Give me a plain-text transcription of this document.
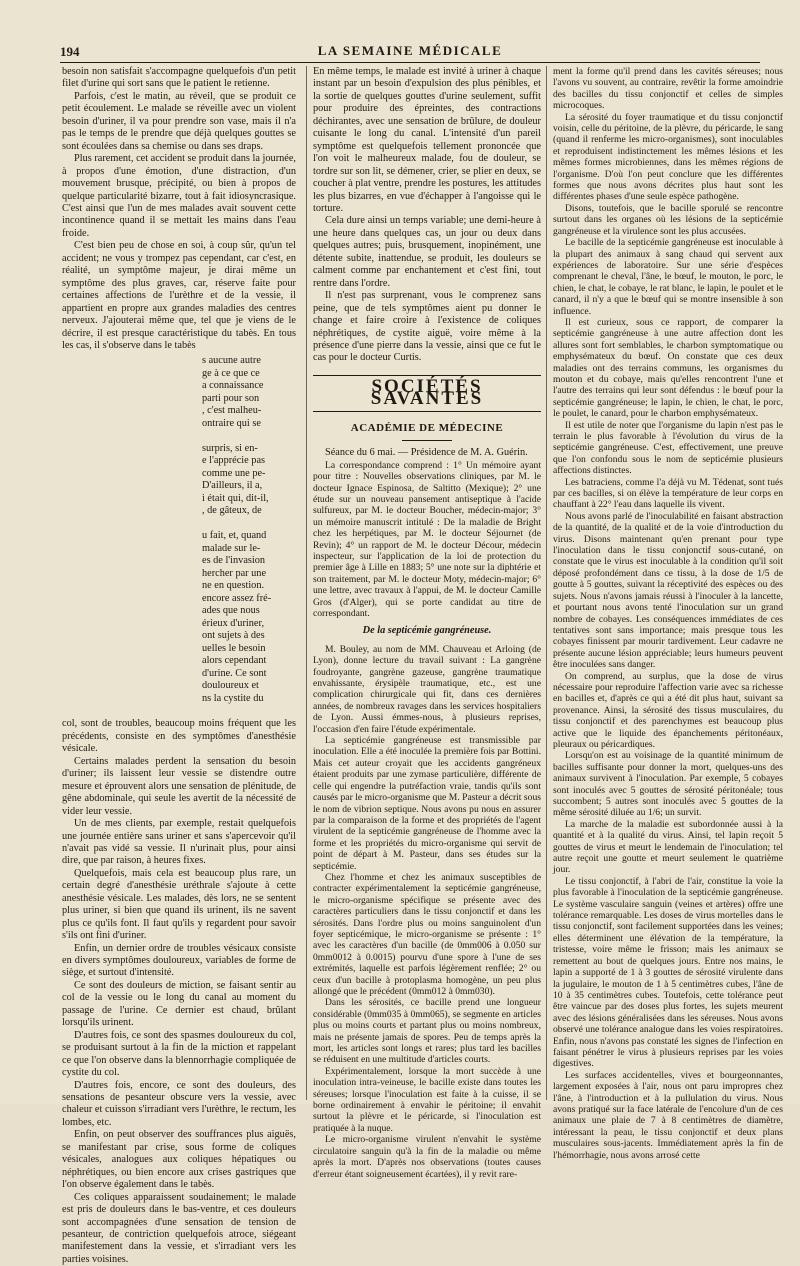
194	LA SEMAINE MÉDICALE

besoin non satisfait s'accompagne quelquefois d'un petit filet d'urine qui sort sans que le patient le retienne.

Parfois, c'est le matin, au réveil, que se produit ce petit écoulement. Le malade se réveille avec un violent besoin d'uriner, il va pour prendre son vase, mais il n'a pas le temps de le prendre que déjà quelques gouttes se sont écoulées dans sa chemise ou dans ses draps.

Plus rarement, cet accident se produit dans la journée, à propos d'une émotion, d'une distraction, d'un mouvement brusque, précipité, ou bien à propos de quelque particularité bizarre, tout à fait idiosyncrasique. C'est ainsi que l'un de mes malades avait souvent cette incontinence quand il se mettait les mains dans l'eau froide.

C'est bien peu de chose en soi, à coup sûr, qu'un tel accident; ne vous y trompez pas cependant, car c'est, en réalité, un symptôme majeur, je dirai même un symptôme des plus graves, car, réserve faite pour certaines affections de l'urèthre et de la vessie, il appartient en propre aux grandes maladies des centres nerveux. J'ajouterai même que, tel que je viens de le décrire, il est presque caractéristique du tabès. En tous les cas, il s'observe dans le tabès

s aucune autre
ge à ce que ce
a connaissance
parti pour son
, c'est malheu-
ontraire qui se

surpris, si en-
e l'apprécie pas
comme une pe-
D'ailleurs, il a,
i était qui, dit-il,
, de gâteux, de

u fait, et, quand
malade sur le-
es de l'invasion
hercher par une
ne en question.
encore assez fré-
ades que nous
érieux d'uriner,
ont sujets à des
uelles le besoin
alors cependant
d'urine. Ce sont
douloureux et
ns la cystite du

col, sont de troubles, beaucoup moins fréquent que les précédents, consiste en des symptômes d'anesthésie vésicale.

Certains malades perdent la sensation du besoin d'uriner; ils laissent leur vessie se distendre outre mesure et éprouvent alors une sensation de plénitude, de gêne abdominale, qui seule les avertit de la nécessité de vider leur vessie.

Un de mes clients, par exemple, restait quelquefois une journée entière sans uriner et sans s'apercevoir qu'il n'avait pas vidé sa vessie. Il n'urinait plus, pour ainsi dire, que par raison, à heures fixes.

Quelquefois, mais cela est beaucoup plus rare, un certain degré d'anesthésie uréthrale s'ajoute à cette anesthésie vésicale. Les malades, dès lors, ne se sentent plus uriner, si bien que quand ils urinent, ils ne savent plus ce qu'ils font. Il faut qu'ils y regardent pour savoir s'ils ont fini d'uriner.

Enfin, un dernier ordre de troubles vésicaux consiste en divers symptômes douloureux, variables de forme de siège, et surtout d'intensité.

Ce sont des douleurs de miction, se faisant sentir au col de la vessie ou le long du canal au moment du passage de l'urine. Ce dernier est chaud, brûlant lorsqu'ils urinent.

D'autres fois, ce sont des spasmes douloureux du col, se produisant surtout à la fin de la miction et rappelant ce que l'on observe dans la blennorrhagie compliquée de cystite du col.

D'autres fois, encore, ce sont des douleurs, des sensations de pesanteur obscure vers la vessie, avec chaleur et cuisson s'irradiant vers l'urèthre, le rectum, les lombes, etc.

Enfin, on peut observer des souffrances plus aiguës, se manifestant par crise, sous forme de coliques vésicales, analogues aux coliques hépatiques ou néphrétiques, ou bien encore aux crises gastriques que l'on observe également dans le tabès.

Ces coliques apparaissent soudainement; le malade est pris de douleurs dans le bas-ventre, et ces douleurs sont accompagnées d'une sensation de tension de pesanteur, de contriction quelquefois atroce, siégeant manifestement dans la vessie, et s'irradiant vers les parties voisines.

En même temps, le malade est invité à uriner à chaque instant par un besoin d'expulsion des plus pénibles, et la sortie de quelques gouttes d'urine seulement, suffit pour produire des épreintes, des contractions déchirantes, avec une sensation de brûlure, de douleur cuisante le long du canal. L'intensité d'un pareil symptôme est quelquefois tellement prononcée que l'on voit le malheureux malade, fou de douleur, se tordre sur son lit, se démener, crier, se plier en deux, se coucher à plat ventre, prendre les postures, les attitudes les plus bizarres, en vue d'échapper à l'angoisse qui le torture.

Cela dure ainsi un temps variable; une demi-heure à une heure dans quelques cas, un jour ou deux dans quelques autres; puis, brusquement, inopinément, une détente subite, inattendue, se produit, les douleurs se calment comme par enchantement et c'est fini, tout rentre dans l'ordre.

Il n'est pas surprenant, vous le comprenez sans peine, que de tels symptômes aient pu donner le change et faire croire à l'existence de coliques néphrétiques, de cystite aiguë, voire même à la présence d'une pierre dans la vessie, ainsi que ce fut le cas pour le docteur Curtis.

SOCIÉTÉS SAVANTES
ACADÉMIE DE MÉDECINE

Séance du 6 mai. — Présidence de M. A. Guérin.

La correspondance comprend : 1° Un mémoire ayant pour titre : Nouvelles observations cliniques, par M. le docteur Ignace Espinosa, de Saltitto (Mexique); 2° une étude sur un nouveau pansement antiseptique à l'acide sulfureux, par M. le docteur Boucher, médecin-major; 3° un mémoire manuscrit intitulé : De la maladie de Bright chez les herpétiques, par M. le docteur Séjournet (de Revin); 4° un rapport de M. le docteur Décour, médecin inspecteur, sur l'application de la loi de protection du premier âge à Lille en 1883; 5° une note sur la diphtérie et son traitement, par M. le docteur Moty, médecin-major; 6° une lettre, avec travaux à l'appui, de M. le docteur Camille Gros (d'Alger), qui se porte candidat au titre de correspondant.

De la septicémie gangréneuse.

M. Bouley, au nom de MM. Chauveau et Arloing (de Lyon), donne lecture du travail suivant : La gangrène foudroyante, gangrène gazeuse, gangrène traumatique envahissante, érysipèle traumatique, etc., est une complication chirurgicale qui fit, dans ces dernières années, de nombreux ravages dans les services hospitaliers de Lyon. Aussi émmes-nous, à plusieurs reprises, l'occasion d'en faire l'étude expérimentale.

La septicémie gangréneuse est transmissible par inoculation. Elle a été inoculée la première fois par Bottini. Mais cet auteur croyait que les accidents gangréneux étaient produits par une zymase particulière, différente de celle qui engendre la putréfaction vraie, tandis qu'ils sont causés par le micro-organisme que M. Pasteur a décrit sous le nom de vibrion septique. Nous avons pu nous en assurer par la comparaison de la forme et des propriétés de l'agent virulent de la septicémie gangréneuse de l'homme avec la forme et les propriétés du micro-organisme qui servit de point de départ à M. Pasteur, dans ses études sur la septicémie.

Chez l'homme et chez les animaux susceptibles de contracter expérimentalement la septicémie gangréneuse, le micro-organisme spécifique se présente avec des caractères particuliers dans le tissu conjonctif et dans les sérosités. Dans l'ordre plus ou moins sanguinolent d'un foyer septicémique, le micro-organisme se présente : 1° avec les caractères d'un bacille (de 0mm006 à 0.050 sur 0mm0012 à 0.0015) pourvu d'une spore à l'une de ses extrémités, laquelle est parfois légèrement renflée; 2° ou ceux d'un bacille à protoplasma homogène, un peu plus allongé que le précédent (0mm012 à 0mm030).

Dans les sérosités, ce bacille prend une longueur considérable (0mm035 à 0mm065), se segmente en articles plus ou moins courts et partant plus ou moins nombreux, mais ne présente jamais de spores. Peu de temps après la mort, les articles sont longs et rares; plus tard les bacilles se réduisent en une multitude d'articles courts.

Expérimentalement, lorsque la mort succède à une inoculation intra-veineuse, le bacille existe dans toutes les séreuses; lorsque l'inoculation est faite à la cuisse, il se borne ordinairement à envahir le péritoine; il envahit surtout la plèvre et le péricarde, si l'inoculation est pratiquée à la nuque.

Le micro-organisme virulent n'envahit le système circulatoire sanguin qu'à la fin de la maladie ou même après la mort. D'après nos observations (toutes causes d'erreur étant soigneusement écartées), il y revit rare-

ment la forme qu'il prend dans les cavités séreuses; nous l'avons vu souvent, au contraire, revêtir la forme amoindrie des bacilles du tissu conjonctif et celles de simples microcoques.

La sérosité du foyer traumatique et du tissu conjonctif voisin, celle du péritoine, de la plèvre, du péricarde, le sang (quand il renferme les micro-organismes), sont inoculables et reproduisent indistinctement les mêmes lésions et les mêmes formes microbiennes, dans les mêmes régions de l'organisme. D'où l'on peut conclure que les différentes formes que nous avons décrites plus haut sont les différentes phases d'une seule espèce pathogène.

Disons, toutefois, que le bacille sporulé se rencontre surtout dans les organes où les lésions de la septicémie gangréneuse et la virulence sont les plus accusées.

Le bacille de la septicémie gangréneuse est inoculable à la plupart des animaux à sang chaud qui servent aux expériences de laboratoire. Sur une série d'espèces comprenant le cheval, l'âne, le bœuf, le mouton, le porc, le chien, le chat, le cobaye, le rat blanc, le lapin, le poulet et le canard, il n'y a que le bœuf qui se montre insensible à son influence.

Il est curieux, sous ce rapport, de comparer la septicémie gangréneuse à une autre affection dont les allures sont fort semblables, le charbon symptomatique ou emphysémateux du bœuf. On constate que ces deux maladies ont des terrains communs, les organismes du mouton et du cobaye, mais qu'elles rencontrent l'une et l'autre des terrains qui leur sont défendus : le bœuf pour la septicémie gangréneuse; le lapin, le chien, le chat, le porc, le poulet, le canard, pour le charbon emphysémateux.

Il est utile de noter que l'organisme du lapin n'est pas le terrain le plus favorable à l'évolution du virus de la septicémie gangréneuse. C'est, effectivement, une preuve que l'on confondu sous le nom de septicémie plusieurs affections distinctes.

Les batraciens, comme l'a déjà vu M. Tédenat, sont tués par ces bacilles, si on élève la température de leur corps en chauffant à 22° l'eau dans laquelle ils vivent.

Nous avons parlé de l'inoculabilité en faisant abstraction de la quantité, de la qualité et de la voie d'introduction du virus. Disons maintenant qu'en prenant pour type l'inoculation dans le tissu conjonctif sous-cutané, on constate que le virus est inoculable à la condition qu'il soit déposé profondément dans ce tissu, à la dose de 1/5 de goutte à 5 gouttes, suivant la réceptivité des espèces ou des sujets. Nous n'avons jamais réussi à l'inoculer à la lancette, et pourtant nous avons tenté l'inoculation sur un grand nombre de cobayes. Les conséquences immédiates de ces tentatives sont sans importance; mais presque tous les cobayes finissent par mourir tardivement. Leur cadavre ne présente aucune lésion appréciable; leurs humeurs peuvent être inoculées sans danger.

On comprend, au surplus, que la dose de virus nécessaire pour reproduire l'affection varie avec sa richesse en bacilles et, d'après ce qui a été dit plus haut, suivant sa provenance. Ainsi, la sérosité des tissus musculaires, du tissu conjonctif et des parenchymes est beaucoup plus active que le liquide des épanchements péritonéaux, pleuraux ou péricardiques.

Lorsqu'on est au voisinage de la quantité minimum de bacilles suffisante pour donner la mort, quelques-uns des animaux survivent à l'inoculation. Par exemple, 5 cobayes sont inoculés avec 5 gouttes de sérosité péritonéale; tous succombent; 5 autres sont inoculés avec 5 gouttes de la même sérosité diluée au 1/6; un survit.

La marche de la maladie est subordonnée aussi à la quantité et à la qualité du virus. Ainsi, tel lapin reçoit 5 gouttes de virus et meurt le lendemain de l'inoculation; tel autre reçoit une goutte et meurt seulement le quatrième jour.

Le tissu conjonctif, à l'abri de l'air, constitue la voie la plus favorable à l'inoculation de la septicémie gangréneuse. Le système vasculaire sanguin (veines et artères) offre une tolérance remarquable. Les doses de virus mortelles dans le tissu conjonctif, sont facilement supportées dans les veines; elles déterminent une élévation de la température, la tristesse, voire même le frisson; mais les animaux se remettent au bout de quelques jours. Entre nos mains, le lapin a supporté de 1 à 3 gouttes de sérosité virulente dans la jugulaire, le mouton de 1 à 5 centimètres cubes, l'âne de 10 à 35 centimètres cubes. Toutefois, cette tolérance peut être vaincue par des doses plus fortes, les sujets meurent avec des lésions généralisées dans les séreuses. Nous avons observé une tolérance analogue dans les voies respiratoires. Enfin, nous n'avons pas constaté les signes de l'infection en faisant pénétrer le virus à plusieurs reprises par les voies digestives.

Les surfaces accidentelles, vives et bourgeonnantes, largement exposées à l'air, nous ont paru impropres chez l'âne, à l'introduction et à la pullulation du virus. Nous avons pratiqué sur la face latérale de l'encolure d'un de ces animaux une plaie de 7 à 8 centimètres de diamètre, intéressant la peau, le tissu conjonctif et deux plans musculaires sous-jacents. Immédiatement après la fin de l'hémorrhagie, nous avons arrosé cette
